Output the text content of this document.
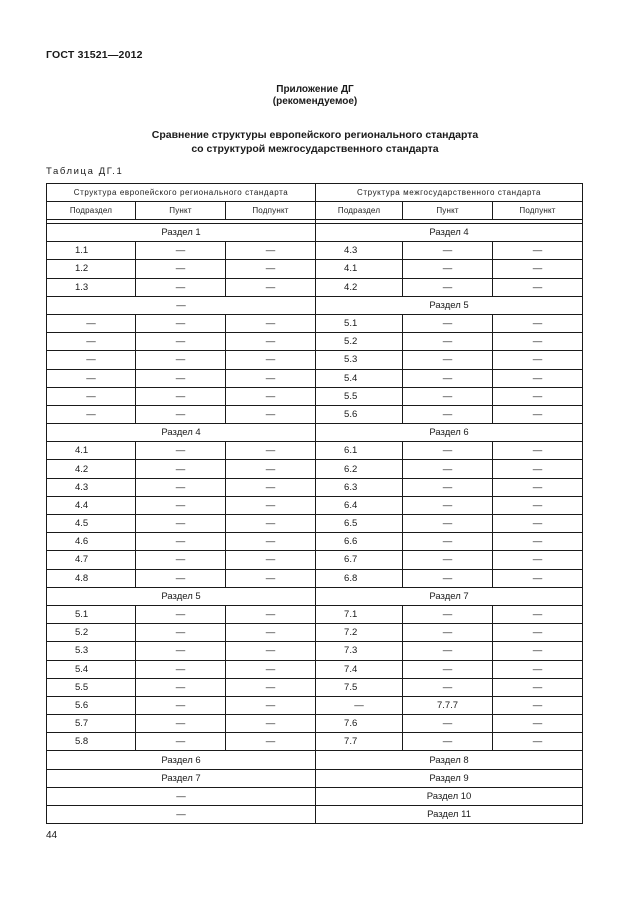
ГОСТ 31521—2012
Приложение ДГ
(рекомендуемое)
Сравнение структуры европейского регионального стандарта
со структурой межгосударственного стандарта
Таблица ДГ.1
Структура европейского регионального стандарта			Структура межгосударственного стандарта		
Подраздел	Пункт	Подпункт	Подраздел	Пункт	Подпункт

Раздел 1			Раздел 4		
1.1	—	—	4.3	—	—
1.2	—	—	4.1	—	—
1.3	—	—	4.2	—	—
—			Раздел 5		
—	—	—	5.1	—	—
—	—	—	5.2	—	—
—	—	—	5.3	—	—
—	—	—	5.4	—	—
—	—	—	5.5	—	—
—	—	—	5.6	—	—
Раздел 4			Раздел 6		
4.1	—	—	6.1	—	—
4.2	—	—	6.2	—	—
4.3	—	—	6.3	—	—
4.4	—	—	6.4	—	—
4.5	—	—	6.5	—	—
4.6	—	—	6.6	—	—
4.7	—	—	6.7	—	—
4.8	—	—	6.8	—	—
Раздел 5			Раздел 7		
5.1	—	—	7.1	—	—
5.2	—	—	7.2	—	—
5.3	—	—	7.3	—	—
5.4	—	—	7.4	—	—
5.5	—	—	7.5	—	—
5.6	—	—	—	7.7.7	—
5.7	—	—	7.6	—	—
5.8	—	—	7.7	—	—
Раздел 6			Раздел 8		
Раздел 7			Раздел 9		
—			Раздел 10		
—			Раздел 11		
44
